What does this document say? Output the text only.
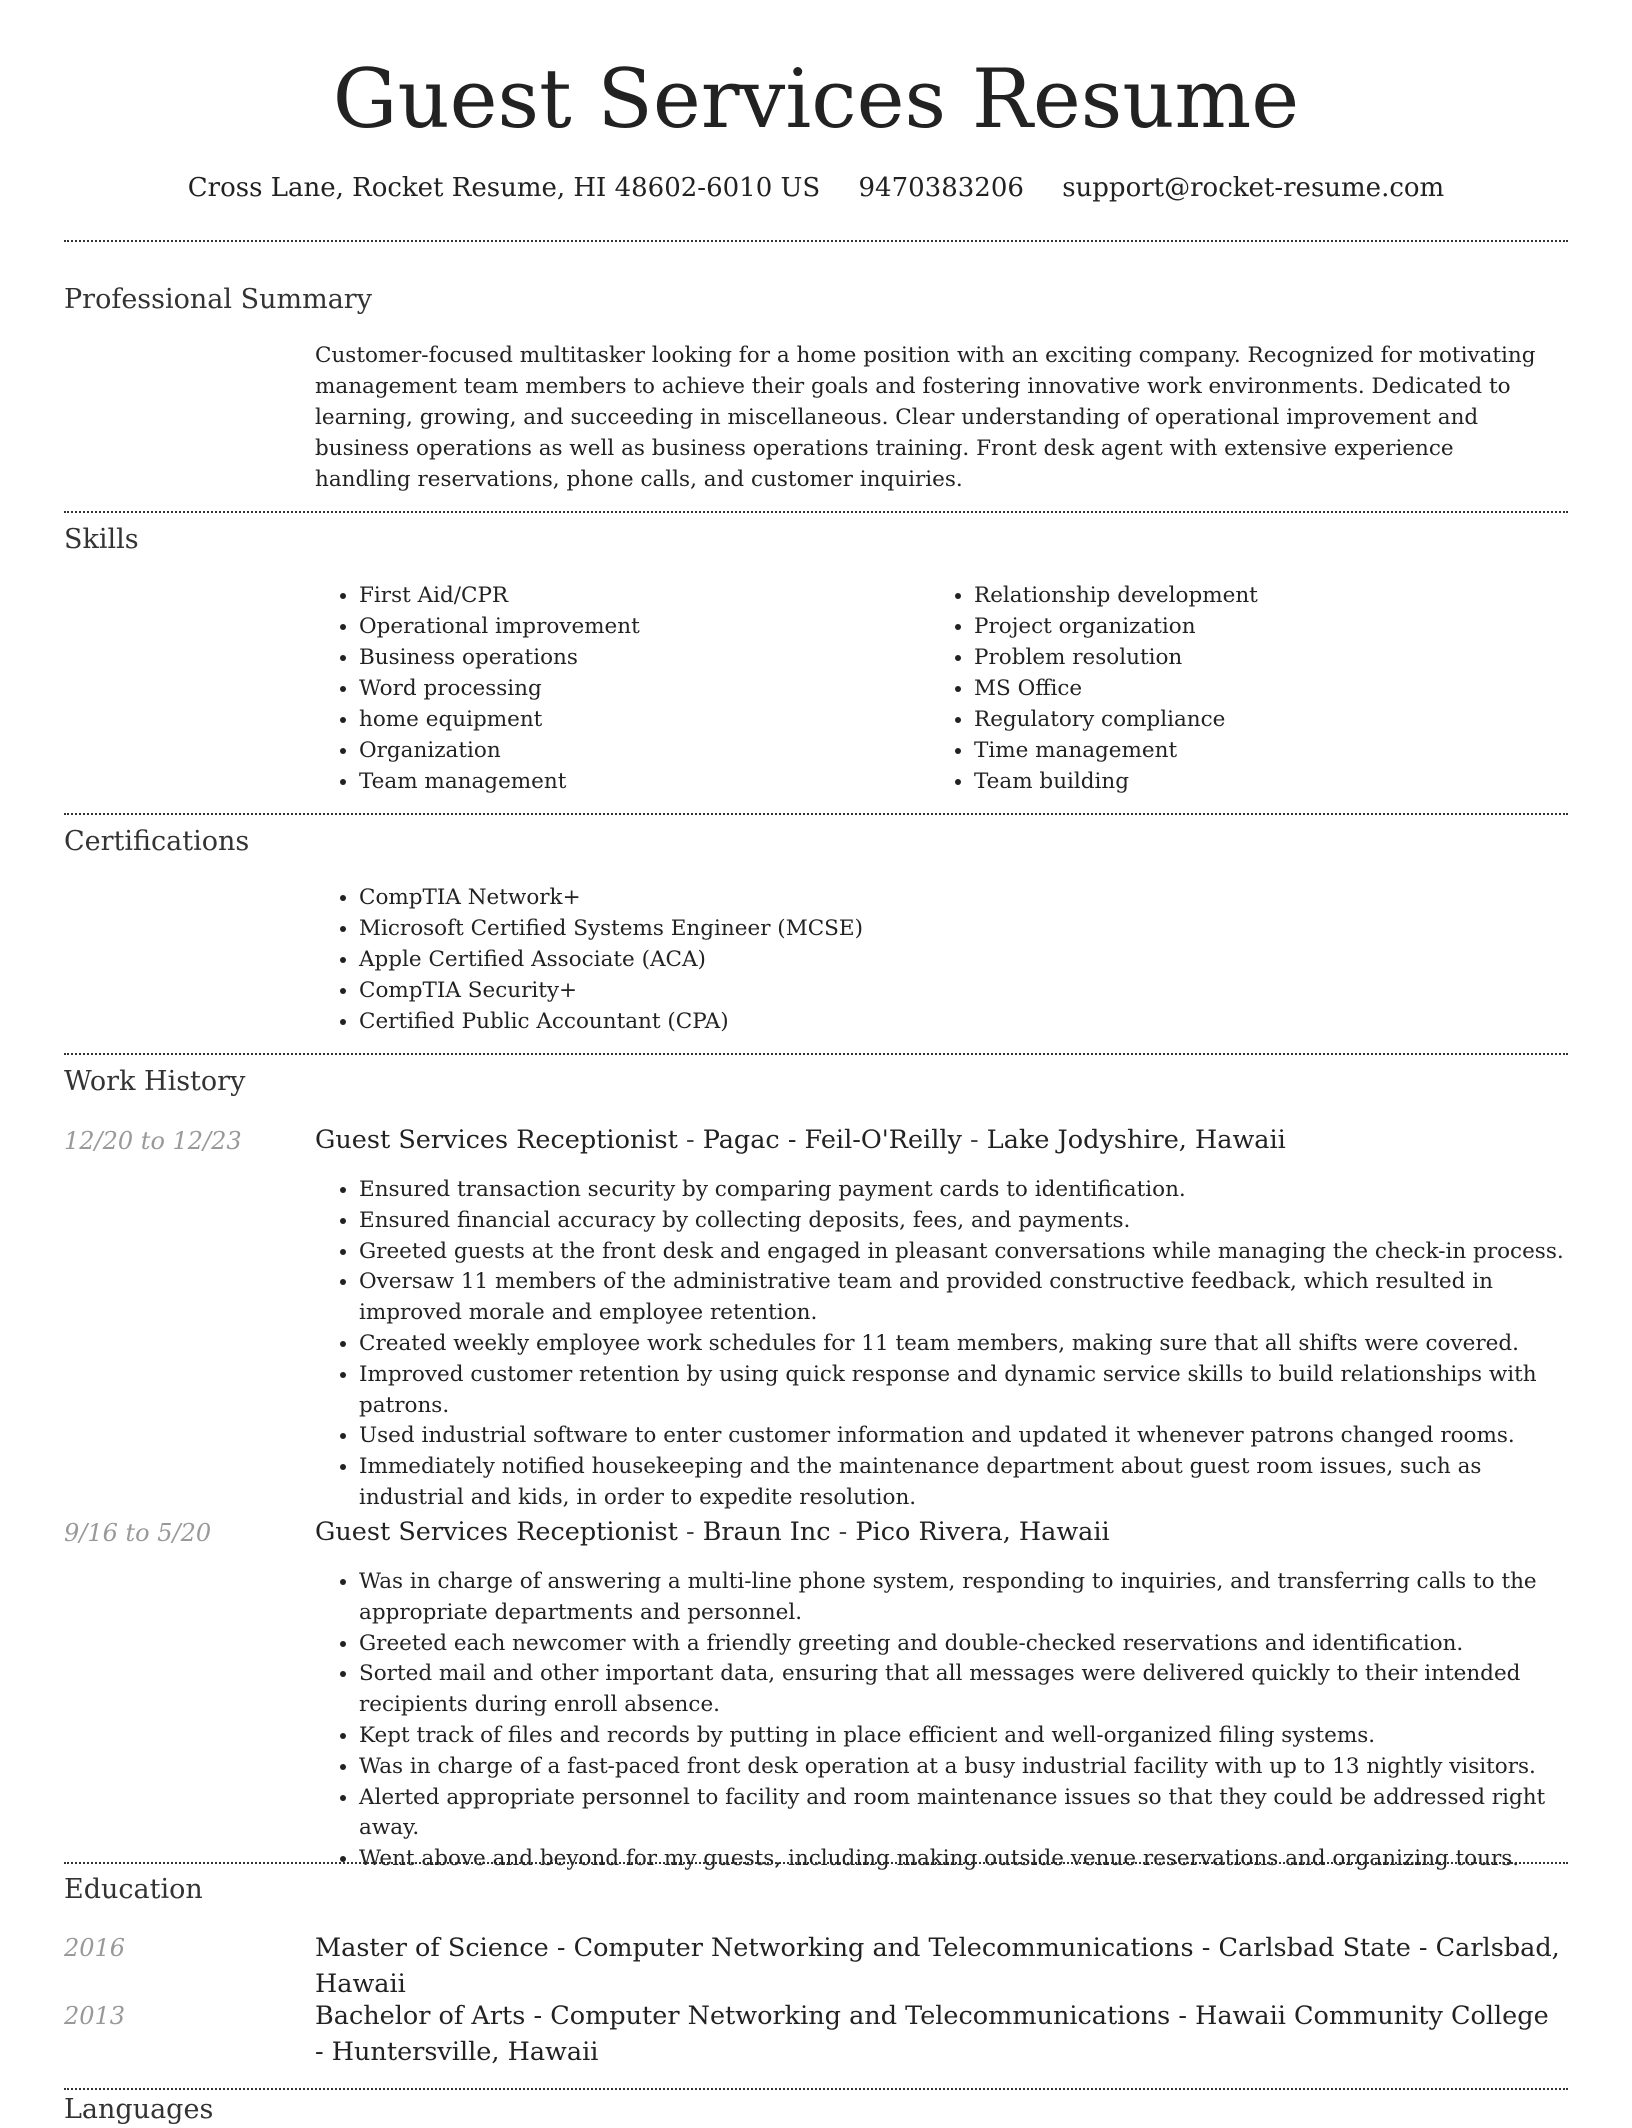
Guest Services Resume
Cross Lane, Rocket Resume, HI 48602-6010 US 9470383206 support@rocket-resume.com
Professional Summary

Customer-focused multitasker looking for a home position with an exciting company. Recognized for motivating management team members to achieve their goals and fostering innovative work environments. Dedicated to learning, growing, and succeeding in miscellaneous. Clear understanding of operational improvement and business operations as well as business operations training. Front desk agent with extensive experience handling reservations, phone calls, and customer inquiries.

Skills
• First Aid/CPR
• Operational improvement
• Business operations
• Word processing
• home equipment
• Organization
• Team management
• Relationship development
• Project organization
• Problem resolution
• MS Office
• Regulatory compliance
• Time management
• Team building
Certifications
• CompTIA Network+
• Microsoft Certified Systems Engineer (MCSE)
• Apple Certified Associate (ACA)
• CompTIA Security+
• Certified Public Accountant (CPA)
Work History
12/20 to 12/23	Guest Services Receptionist - Pagac - Feil-O'Reilly - Lake Jodyshire, Hawaii
• Ensured transaction security by comparing payment cards to identification.
• Ensured financial accuracy by collecting deposits, fees, and payments.
• Greeted guests at the front desk and engaged in pleasant conversations while managing the check-in process.
• Oversaw 11 members of the administrative team and provided constructive feedback, which resulted in improved morale and employee retention.
• Created weekly employee work schedules for 11 team members, making sure that all shifts were covered.
• Improved customer retention by using quick response and dynamic service skills to build relationships with patrons.
• Used industrial software to enter customer information and updated it whenever patrons changed rooms.
• Immediately notified housekeeping and the maintenance department about guest room issues, such as industrial and kids, in order to expedite resolution.
9/16 to 5/20	Guest Services Receptionist - Braun Inc - Pico Rivera, Hawaii
• Was in charge of answering a multi-line phone system, responding to inquiries, and transferring calls to the appropriate departments and personnel.
• Greeted each newcomer with a friendly greeting and double-checked reservations and identification.
• Sorted mail and other important data, ensuring that all messages were delivered quickly to their intended recipients during enroll absence.
• Kept track of files and records by putting in place efficient and well-organized filing systems.
• Was in charge of a fast-paced front desk operation at a busy industrial facility with up to 13 nightly visitors.
• Alerted appropriate personnel to facility and room maintenance issues so that they could be addressed right away.
• Went above and beyond for my guests, including making outside venue reservations and organizing tours.
Education
2016	Master of Science - Computer Networking and Telecommunications - Carlsbad State - Carlsbad, Hawaii
2013	Bachelor of Arts - Computer Networking and Telecommunications - Hawaii Community College - Huntersville, Hawaii
Languages
